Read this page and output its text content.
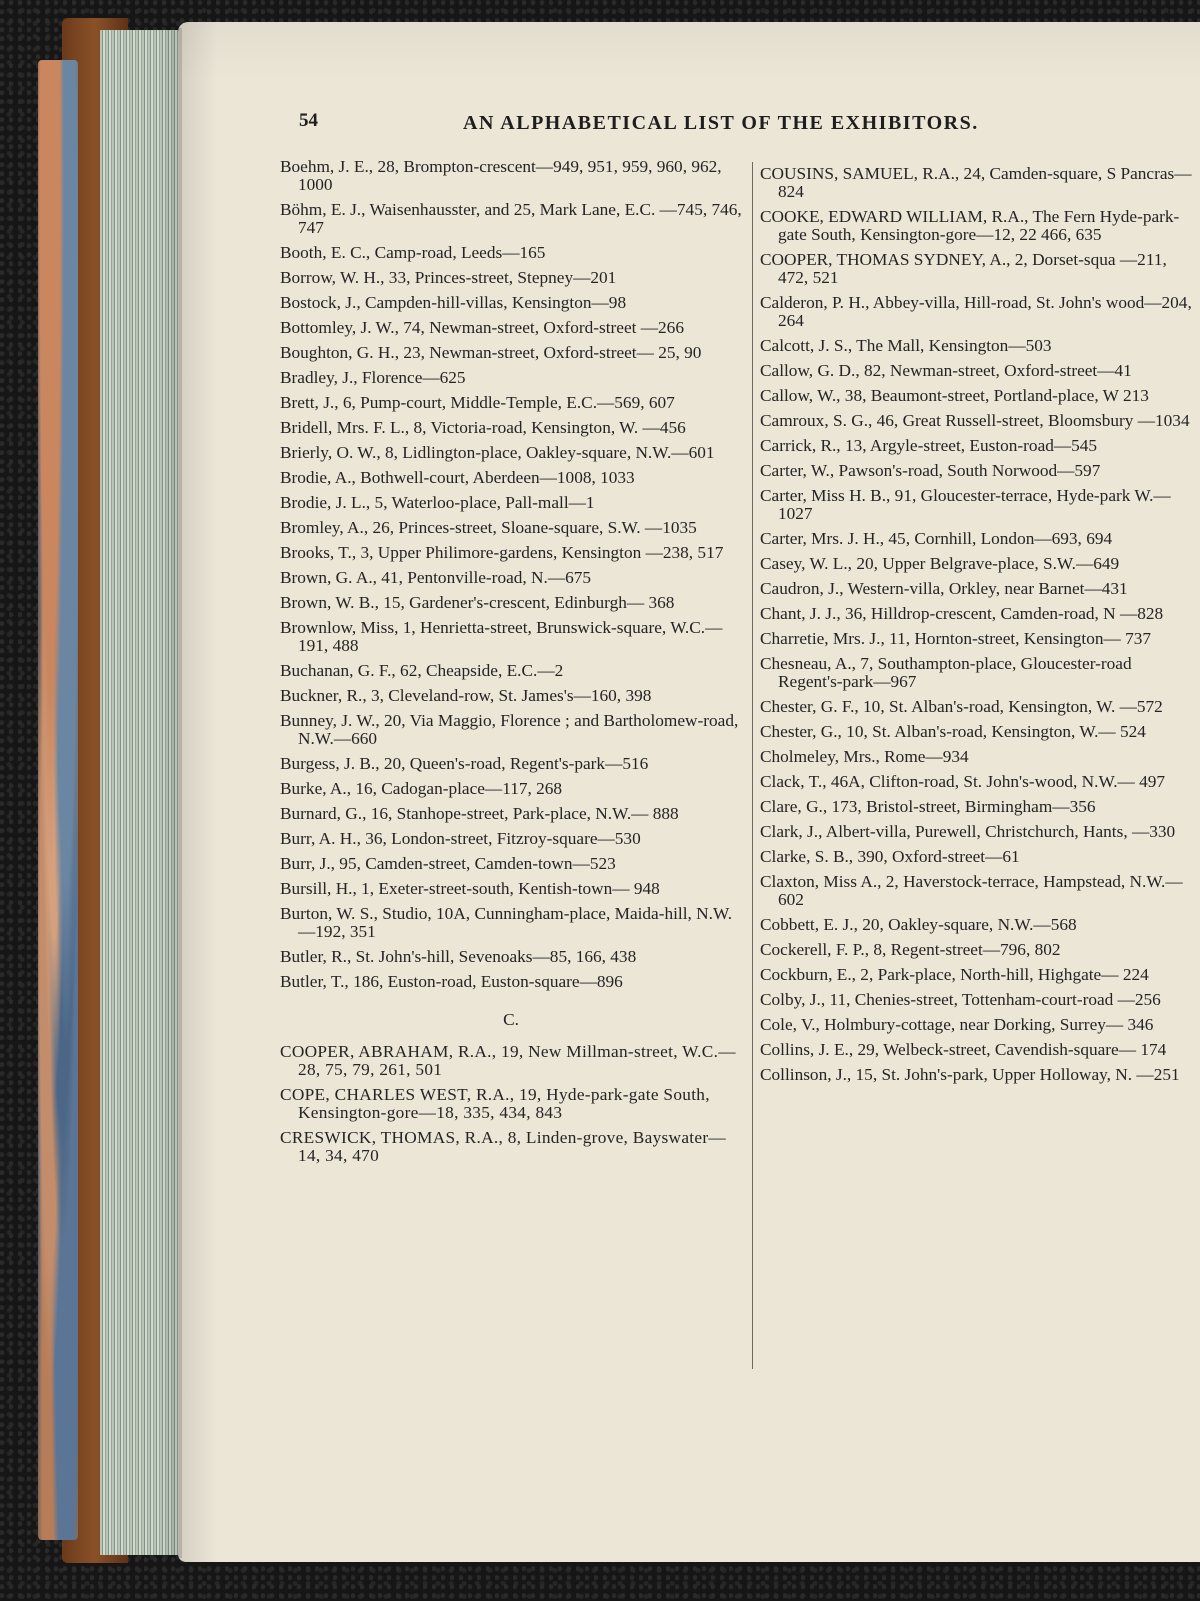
54	AN ALPHABETICAL LIST OF THE EXHIBITORS.
Boehm, J. E., 28, Brompton-crescent—949, 951, 959, 960, 962, 1000
Böhm, E. J., Waisenhausster, and 25, Mark Lane, E.C. —745, 746, 747
Booth, E. C., Camp-road, Leeds—165
Borrow, W. H., 33, Princes-street, Stepney—201
Bostock, J., Campden-hill-villas, Kensington—98
Bottomley, J. W., 74, Newman-street, Oxford-street —266
Boughton, G. H., 23, Newman-street, Oxford-street— 25, 90
Bradley, J., Florence—625
Brett, J., 6, Pump-court, Middle-Temple, E.C.—569, 607
Bridell, Mrs. F. L., 8, Victoria-road, Kensington, W. —456
Brierly, O. W., 8, Lidlington-place, Oakley-square, N.W.—601
Brodie, A., Bothwell-court, Aberdeen—1008, 1033
Brodie, J. L., 5, Waterloo-place, Pall-mall—1
Bromley, A., 26, Princes-street, Sloane-square, S.W. —1035
Brooks, T., 3, Upper Philimore-gardens, Kensington —238, 517
Brown, G. A., 41, Pentonville-road, N.—675
Brown, W. B., 15, Gardener's-crescent, Edinburgh— 368
Brownlow, Miss, 1, Henrietta-street, Brunswick-square, W.C.—191, 488
Buchanan, G. F., 62, Cheapside, E.C.—2
Buckner, R., 3, Cleveland-row, St. James's—160, 398
Bunney, J. W., 20, Via Maggio, Florence ; and Bartholomew-road, N.W.—660
Burgess, J. B., 20, Queen's-road, Regent's-park—516
Burke, A., 16, Cadogan-place—117, 268
Burnard, G., 16, Stanhope-street, Park-place, N.W.— 888
Burr, A. H., 36, London-street, Fitzroy-square—530
Burr, J., 95, Camden-street, Camden-town—523
Bursill, H., 1, Exeter-street-south, Kentish-town— 948
Burton, W. S., Studio, 10A, Cunningham-place, Maida-hill, N.W.—192, 351
Butler, R., St. John's-hill, Sevenoaks—85, 166, 438
Butler, T., 186, Euston-road, Euston-square—896
C.
COOPER, ABRAHAM, R.A., 19, New Millman-street, W.C.—28, 75, 79, 261, 501
COPE, CHARLES WEST, R.A., 19, Hyde-park-gate South, Kensington-gore—18, 335, 434, 843
CRESWICK, THOMAS, R.A., 8, Linden-grove, Bayswater—14, 34, 470
COUSINS, SAMUEL, R.A., 24, Camden-square, S Pancras—824
COOKE, EDWARD WILLIAM, R.A., The Fern Hyde-park-gate South, Kensington-gore—12, 22 466, 635
COOPER, THOMAS SYDNEY, A., 2, Dorset-squa —211, 472, 521
Calderon, P. H., Abbey-villa, Hill-road, St. John's wood—204, 264
Calcott, J. S., The Mall, Kensington—503
Callow, G. D., 82, Newman-street, Oxford-street—41
Callow, W., 38, Beaumont-street, Portland-place, W 213
Camroux, S. G., 46, Great Russell-street, Bloomsbury —1034
Carrick, R., 13, Argyle-street, Euston-road—545
Carter, W., Pawson's-road, South Norwood—597
Carter, Miss H. B., 91, Gloucester-terrace, Hyde-park W.—1027
Carter, Mrs. J. H., 45, Cornhill, London—693, 694
Casey, W. L., 20, Upper Belgrave-place, S.W.—649
Caudron, J., Western-villa, Orkley, near Barnet—431
Chant, J. J., 36, Hilldrop-crescent, Camden-road, N —828
Charretie, Mrs. J., 11, Hornton-street, Kensington— 737
Chesneau, A., 7, Southampton-place, Gloucester-road Regent's-park—967
Chester, G. F., 10, St. Alban's-road, Kensington, W. —572
Chester, G., 10, St. Alban's-road, Kensington, W.— 524
Cholmeley, Mrs., Rome—934
Clack, T., 46A, Clifton-road, St. John's-wood, N.W.— 497
Clare, G., 173, Bristol-street, Birmingham—356
Clark, J., Albert-villa, Purewell, Christchurch, Hants, —330
Clarke, S. B., 390, Oxford-street—61
Claxton, Miss A., 2, Haverstock-terrace, Hampstead, N.W.—602
Cobbett, E. J., 20, Oakley-square, N.W.—568
Cockerell, F. P., 8, Regent-street—796, 802
Cockburn, E., 2, Park-place, North-hill, Highgate— 224
Colby, J., 11, Chenies-street, Tottenham-court-road —256
Cole, V., Holmbury-cottage, near Dorking, Surrey— 346
Collins, J. E., 29, Welbeck-street, Cavendish-square— 174
Collinson, J., 15, St. John's-park, Upper Holloway, N. —251
